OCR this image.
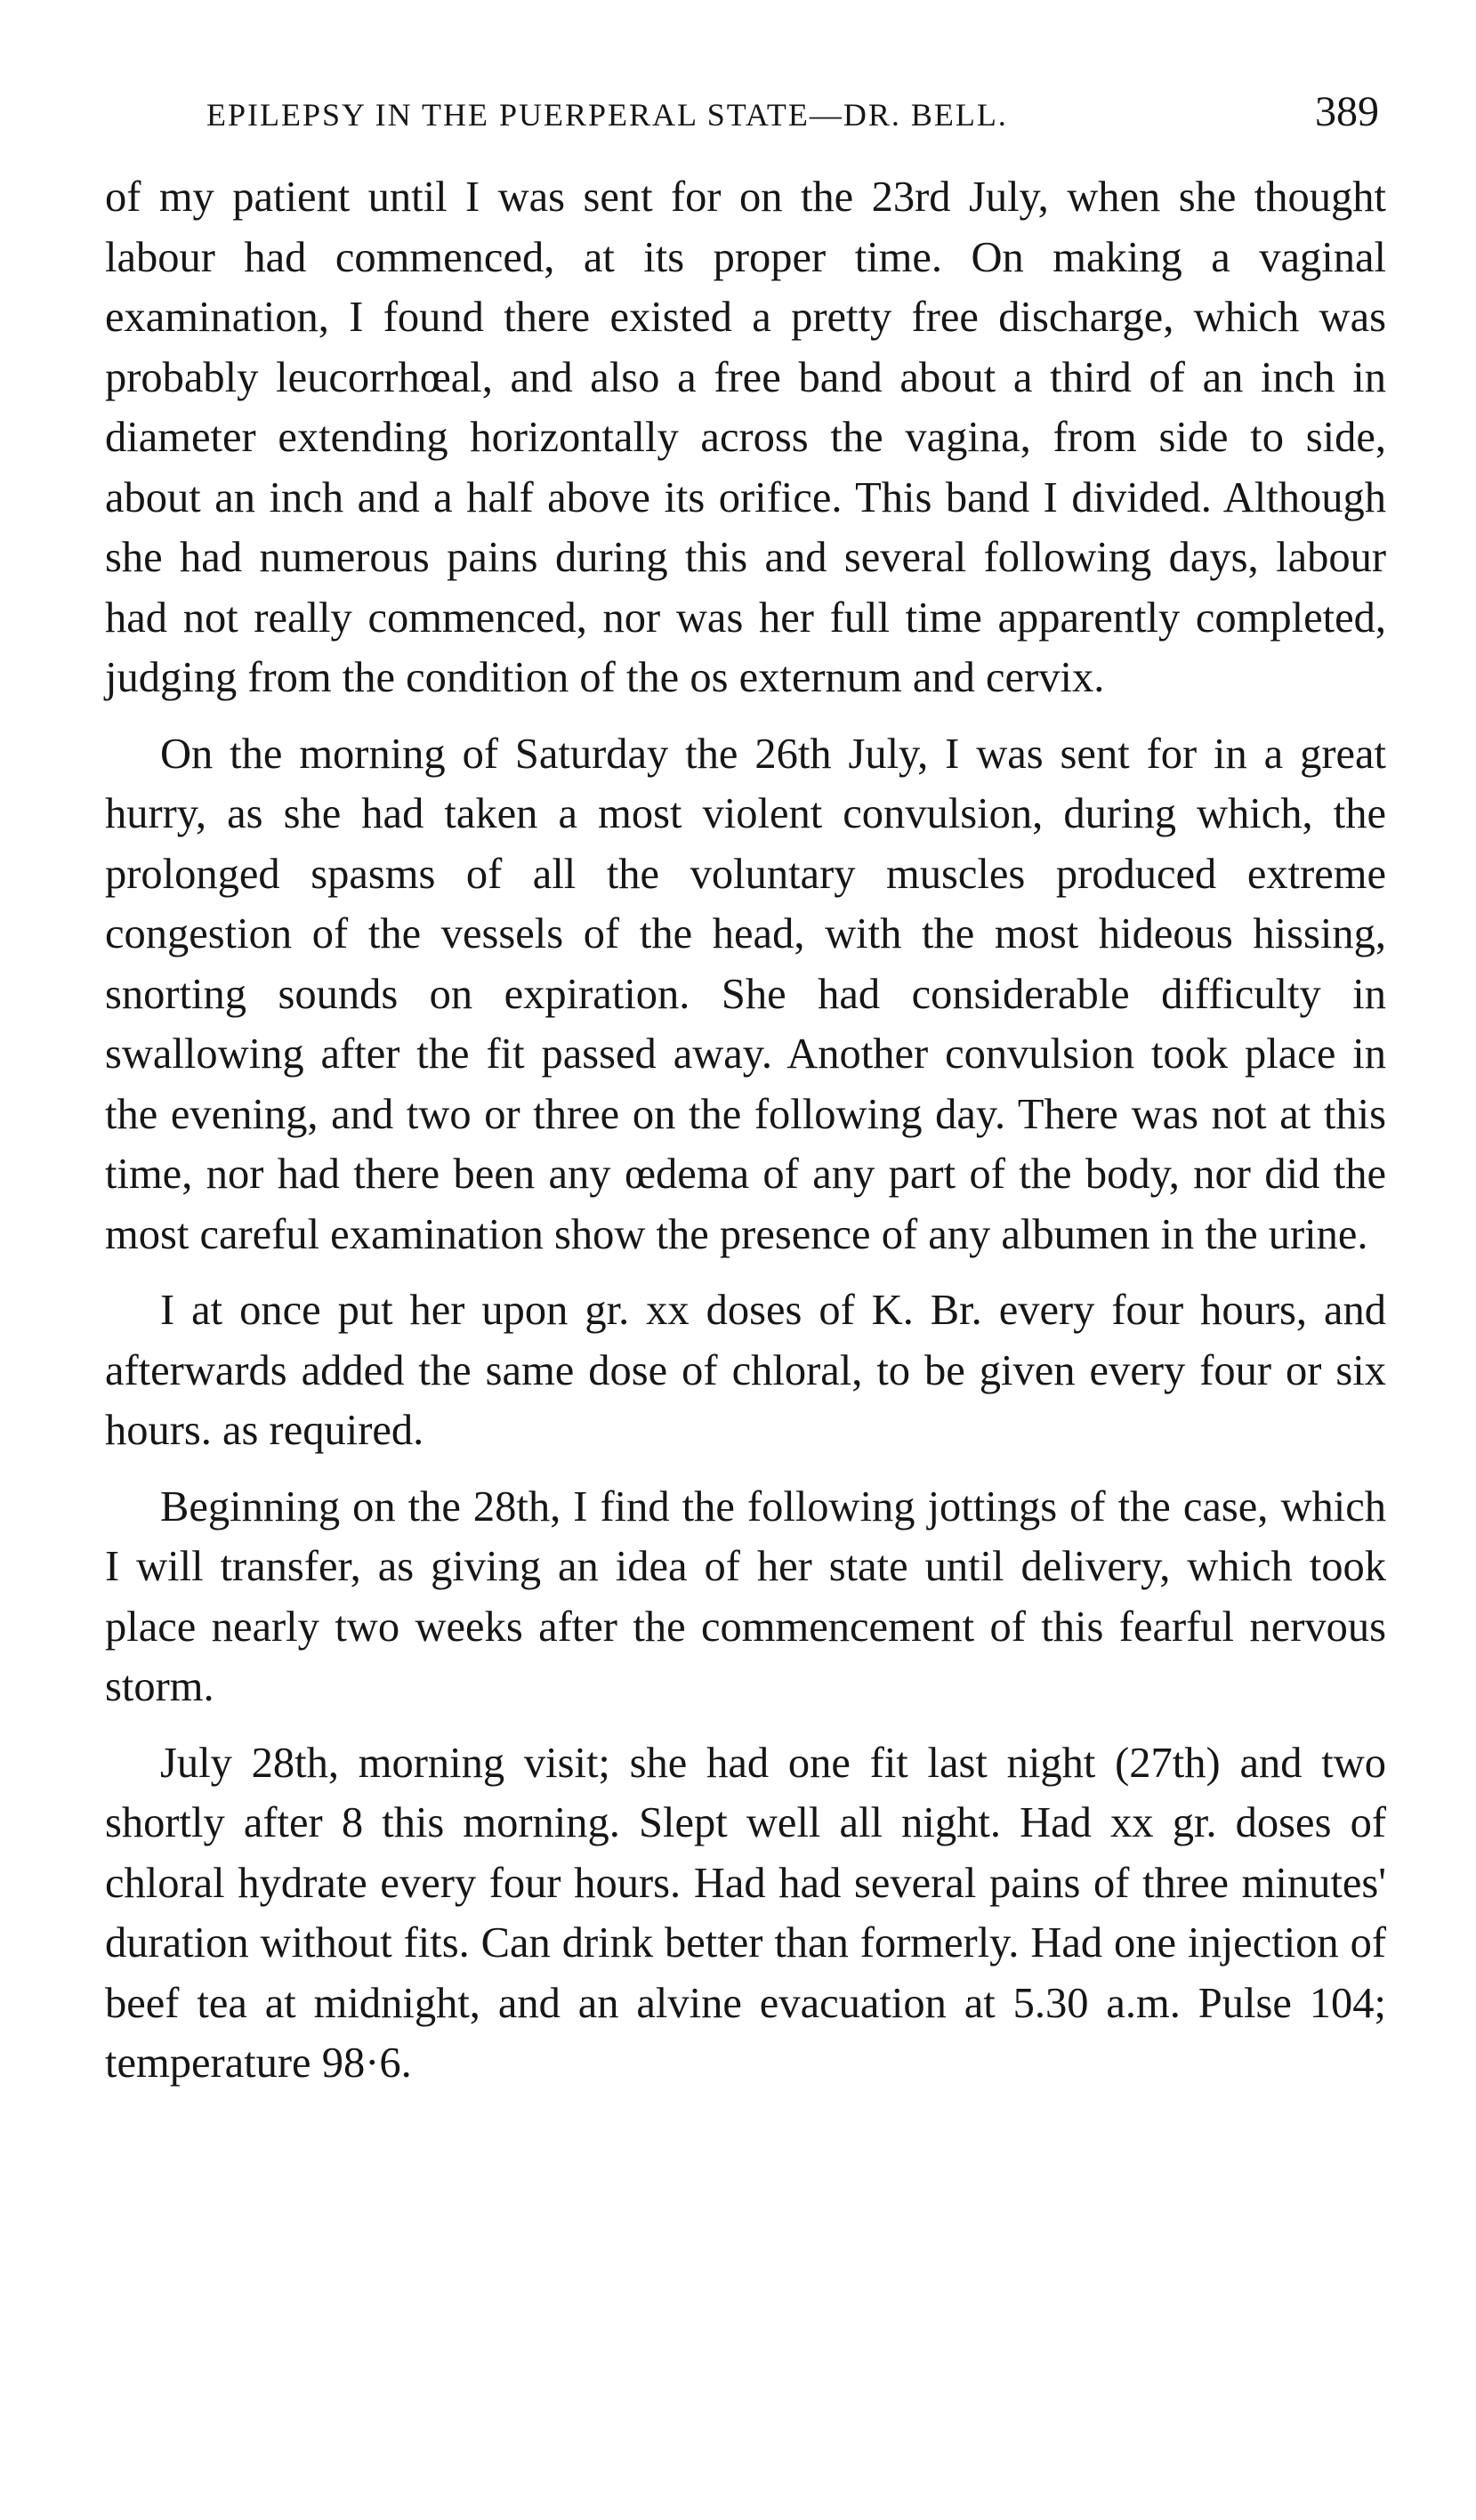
EPILEPSY IN THE PUERPERAL STATE—DR. BELL.	389

of my patient until I was sent for on the 23rd July, when she thought labour had commenced, at its proper time. On making a vaginal examination, I found there existed a pretty free discharge, which was probably leucorrhœal, and also a free band about a third of an inch in diameter extending horizontally across the vagina, from side to side, about an inch and a half above its orifice. This band I divided. Although she had numerous pains during this and several following days, labour had not really commenced, nor was her full time apparently completed, judging from the condition of the os externum and cervix.

On the morning of Saturday the 26th July, I was sent for in a great hurry, as she had taken a most violent convulsion, during which, the prolonged spasms of all the voluntary muscles produced extreme congestion of the vessels of the head, with the most hideous hissing, snorting sounds on expiration. She had considerable difficulty in swallowing after the fit passed away. Another convulsion took place in the evening, and two or three on the following day. There was not at this time, nor had there been any œdema of any part of the body, nor did the most careful examination show the presence of any albumen in the urine.

I at once put her upon gr. xx doses of K. Br. every four hours, and afterwards added the same dose of chloral, to be given every four or six hours. as required.

Beginning on the 28th, I find the following jottings of the case, which I will transfer, as giving an idea of her state until delivery, which took place nearly two weeks after the commencement of this fearful nervous storm.

July 28th, morning visit; she had one fit last night (27th) and two shortly after 8 this morning. Slept well all night. Had xx gr. doses of chloral hydrate every four hours. Had had several pains of three minutes' duration without fits. Can drink better than formerly. Had one injection of beef tea at midnight, and an alvine evacuation at 5.30 a.m. Pulse 104; temperature 98·6.
